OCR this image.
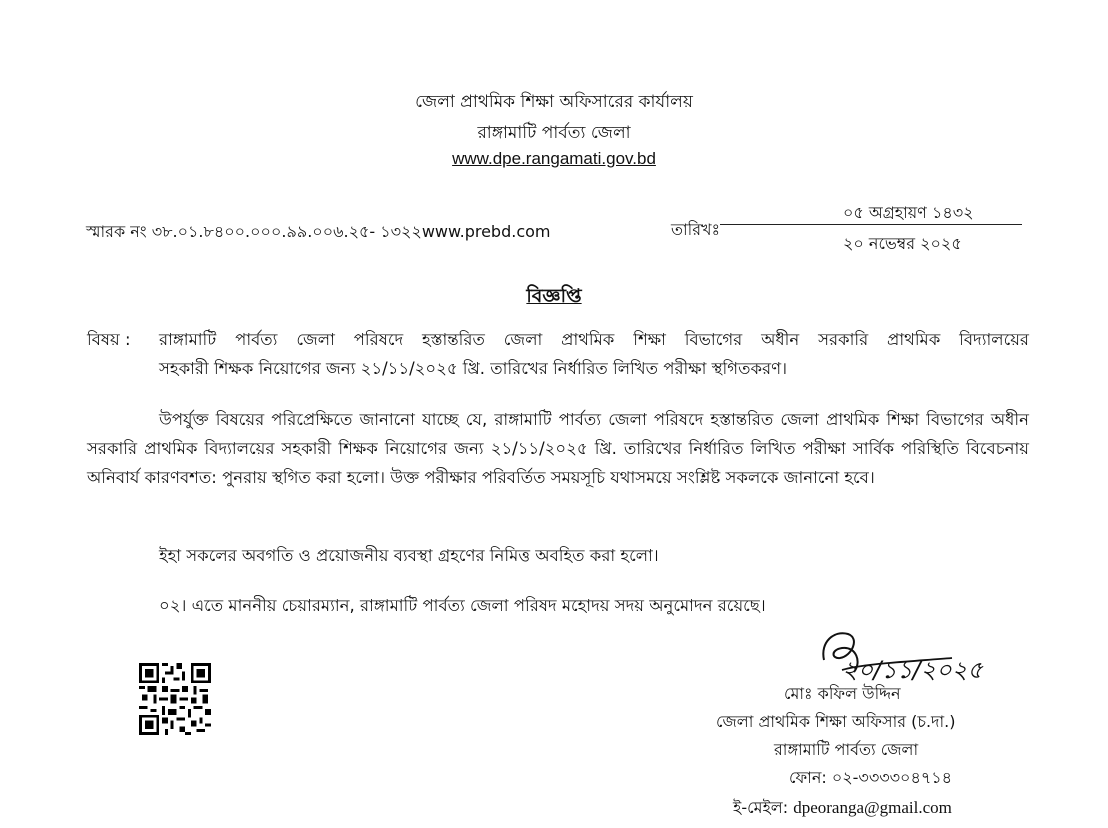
জেলা প্রাথমিক শিক্ষা অফিসারের কার্যালয়
রাঙ্গামাটি পার্বত্য জেলা
www.dpe.rangamati.gov.bd
স্মারক নং ৩৮.০১.৮৪০০.০০০.৯৯.০০৬.২৫- ১৩২২www.prebd.com	তারিখঃ
০৫ অগ্রহায়ণ ১৪৩২
২০ নভেম্বর ২০২৫
বিজ্ঞপ্তি
বিষয় : রাঙ্গামাটি পার্বত্য জেলা পরিষদে হস্তান্তরিত জেলা প্রাথমিক শিক্ষা বিভাগের অধীন সরকারি প্রাথমিক বিদ্যালয়ের
সহকারী শিক্ষক নিয়োগের জন্য ২১/১১/২০২৫ খ্রি. তারিখের নির্ধারিত লিখিত পরীক্ষা স্থগিতকরণ।

উপর্যুক্ত বিষয়ের পরিপ্রেক্ষিতে জানানো যাচ্ছে যে, রাঙ্গামাটি পার্বত্য জেলা পরিষদে হস্তান্তরিত জেলা প্রাথমিক শিক্ষা বিভাগের অধীন সরকারি প্রাথমিক বিদ্যালয়ের সহকারী শিক্ষক নিয়োগের জন্য ২১/১১/২০২৫ খ্রি. তারিখের নির্ধারিত লিখিত পরীক্ষা সার্বিক পরিস্থিতি বিবেচনায় অনিবার্য কারণবশত: পুনরায় স্থগিত করা হলো। উক্ত পরীক্ষার পরিবর্তিত সময়সূচি যথাসময়ে সংশ্লিষ্ট সকলকে জানানো হবে।

ইহা সকলের অবগতি ও প্রয়োজনীয় ব্যবস্থা গ্রহণের নিমিত্ত অবহিত করা হলো।
০২। এতে মাননীয় চেয়ারম্যান, রাঙ্গামাটি পার্বত্য জেলা পরিষদ মহোদয় সদয় অনুমোদন রয়েছে।
২০/১১/২০২৫
মোঃ কফিল উদ্দিন
জেলা প্রাথমিক শিক্ষা অফিসার (চ.দা.)
রাঙ্গামাটি পার্বত্য জেলা
ফোন: ০২-৩৩৩৩০৪৭১৪
ই-মেইল: dpeoranga@gmail.com
